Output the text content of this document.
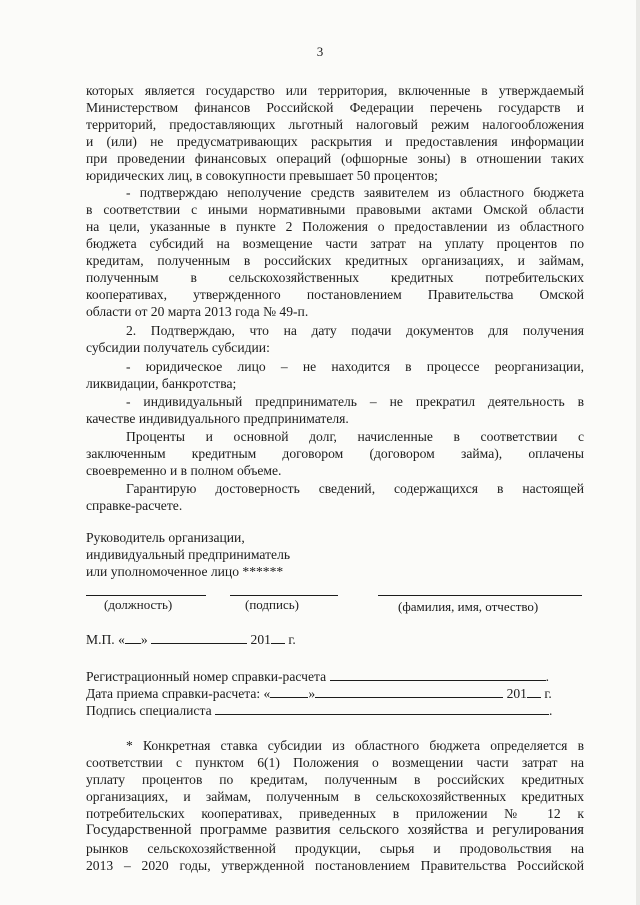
3
которых является государство или территория, включенные в утверждаемый
Министерством финансов Российской Федерации перечень государств и
территорий, предоставляющих льготный налоговый режим налогообложения
и (или) не предусматривающих раскрытия и предоставления информации
при проведении финансовых операций (офшорные зоны) в отношении таких
юридических лиц, в совокупности превышает 50 процентов;
- подтверждаю неполучение средств заявителем из областного бюджета
в соответствии с иными нормативными правовыми актами Омской области
на цели, указанные в пункте 2 Положения о предоставлении из областного
бюджета субсидий на возмещение части затрат на уплату процентов по
кредитам, полученным в российских кредитных организациях, и займам,
полученным в сельскохозяйственных кредитных потребительских
кооперативах, утвержденного постановлением Правительства Омской
области от 20 марта 2013 года № 49-п.
2. Подтверждаю, что на дату подачи документов для получения
субсидии получатель субсидии:
- юридическое лицо – не находится в процессе реорганизации,
ликвидации, банкротства;
- индивидуальный предприниматель – не прекратил деятельность в
качестве индивидуального предпринимателя.
Проценты и основной долг, начисленные в соответствии с
заключенным кредитным договором (договором займа), оплачены
своевременно и в полном объеме.
Гарантирую достоверность сведений, содержащихся в настоящей
справке-расчете.
Руководитель организации,
индивидуальный предприниматель
или уполномоченное лицо ******
(должность)	(подпись)	(фамилия, имя, отчество)
М.П. « »	201 г.
Регистрационный номер справки-расчета	.
Дата приема справки-расчета: «	»	201 г.
Подпись специалиста	.
* Конкретная ставка субсидии из областного бюджета определяется в
соответствии с пунктом 6(1) Положения о возмещении части затрат на
уплату процентов по кредитам, полученным в российских кредитных
организациях, и займам, полученным в сельскохозяйственных кредитных
потребительских кооперативах, приведенных в приложении № 12 к
Государственной программе развития сельского хозяйства и регулирования
рынков сельскохозяйственной продукции, сырья и продовольствия на
2013 – 2020 годы, утвержденной постановлением Правительства Российской
